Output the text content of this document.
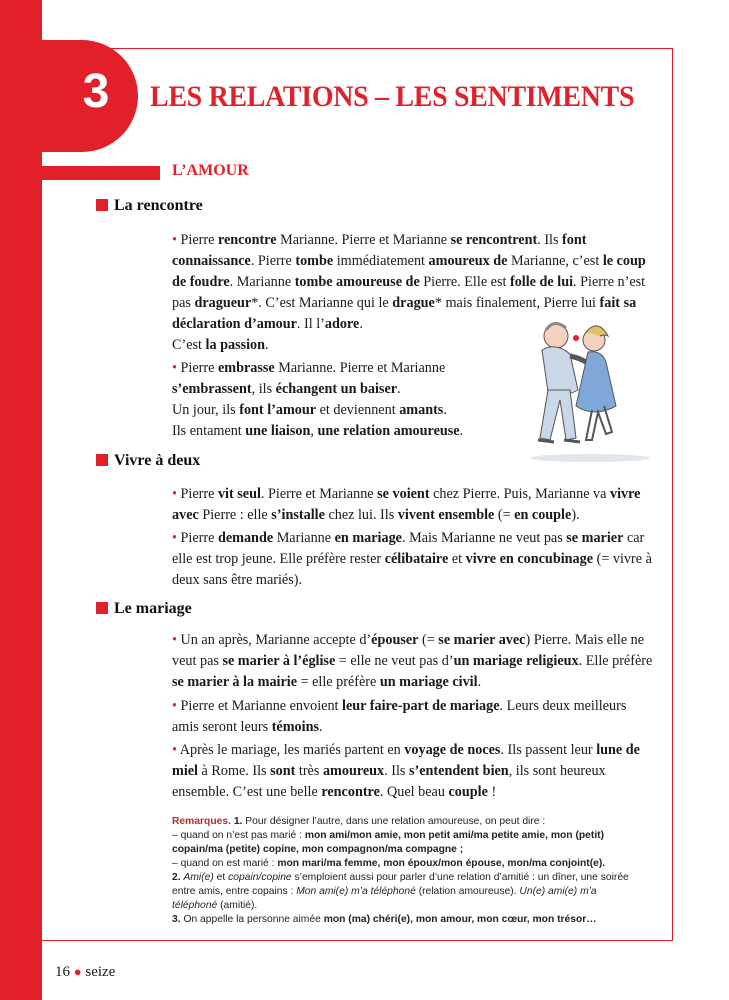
3	LES RELATIONS – LES SENTIMENTS
L’AMOUR
La rencontre
• Pierre rencontre Marianne. Pierre et Marianne se rencontrent. Ils font connaissance. Pierre tombe immédiatement amoureux de Marianne, c’est le coup de foudre. Marianne tombe amoureuse de Pierre. Elle est folle de lui. Pierre n’est pas dragueur*. C’est Marianne qui le drague* mais finalement, Pierre lui fait sa déclaration d’amour. Il l’adore.
C’est la passion.
• Pierre embrasse Marianne. Pierre et Marianne s’embrassent, ils échangent un baiser.
Un jour, ils font l’amour et deviennent amants.
Ils entament une liaison, une relation amoureuse.
Vivre à deux
• Pierre vit seul. Pierre et Marianne se voient chez Pierre. Puis, Marianne va vivre avec Pierre : elle s’installe chez lui. Ils vivent ensemble (= en couple).
• Pierre demande Marianne en mariage. Mais Marianne ne veut pas se marier car elle est trop jeune. Elle préfère rester célibataire et vivre en concubinage (= vivre à deux sans être mariés).
Le mariage
• Un an après, Marianne accepte d’épouser (= se marier avec) Pierre. Mais elle ne veut pas se marier à l’église = elle ne veut pas d’un mariage religieux. Elle préfère se marier à la mairie = elle préfère un mariage civil.
• Pierre et Marianne envoient leur faire-part de mariage. Leurs deux meilleurs amis seront leurs témoins.
• Après le mariage, les mariés partent en voyage de noces. Ils passent leur lune de miel à Rome. Ils sont très amoureux. Ils s’entendent bien, ils sont heureux ensemble. C’est une belle rencontre. Quel beau couple !
Remarques. 1. Pour désigner l’autre, dans une relation amoureuse, on peut dire :
– quand on n’est pas marié : mon ami/mon amie, mon petit ami/ma petite amie, mon (petit) copain/ma (petite) copine, mon compagnon/ma compagne ;
– quand on est marié : mon mari/ma femme, mon époux/mon épouse, mon/ma conjoint(e).
2. Ami(e) et copain/copine s’emploient aussi pour parler d’une relation d’amitié : un dîner, une soirée entre amis, entre copains : Mon ami(e) m’a téléphoné (relation amoureuse). Un(e) ami(e) m’a téléphoné (amitié).
3. On appelle la personne aimée mon (ma) chéri(e), mon amour, mon cœur, mon trésor…
16 ● seize
